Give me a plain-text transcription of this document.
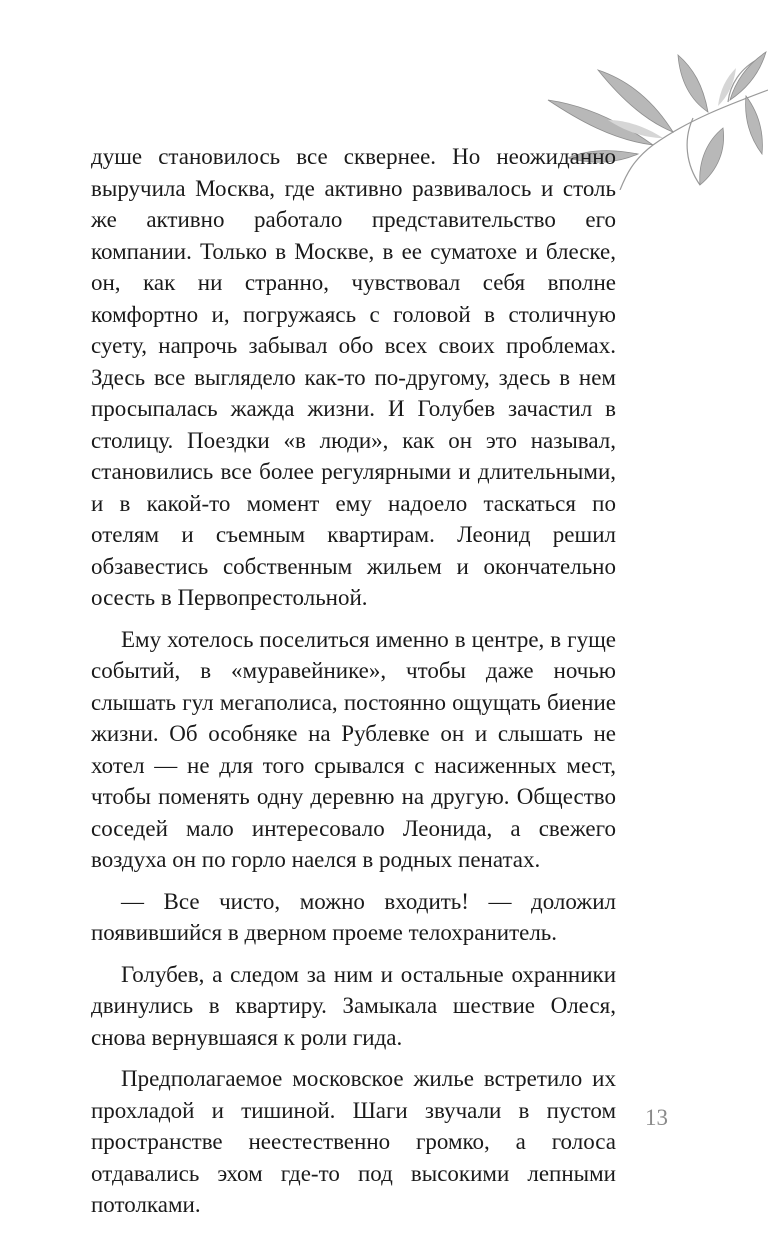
душе становилось все сквернее. Но неожиданно выручила Москва, где активно развивалось и столь же активно работало представительство его компании. Только в Москве, в ее суматохе и блеске, он, как ни странно, чувствовал себя вполне комфортно и, погружаясь с головой в столичную суету, напрочь забывал обо всех своих проблемах. Здесь все выглядело как-то по-другому, здесь в нем просыпалась жажда жизни. И Голубев зачастил в столицу. Поездки «в люди», как он это называл, становились все более регулярными и длительными, и в какой-то момент ему надоело таскаться по отелям и съемным квартирам. Леонид решил обзавестись собственным жильем и окончательно осесть в Первопрестольной.

Ему хотелось поселиться именно в центре, в гуще событий, в «муравейнике», чтобы даже ночью слышать гул мегаполиса, постоянно ощущать биение жизни. Об особняке на Рублевке он и слышать не хотел — не для того срывался с насиженных мест, чтобы поменять одну деревню на другую. Общество соседей мало интересовало Леонида, а свежего воздуха он по горло наелся в родных пенатах.

— Все чисто, можно входить! — доложил появившийся в дверном проеме телохранитель.

Голубев, а следом за ним и остальные охранники двинулись в квартиру. Замыкала шествие Олеся, снова вернувшаяся к роли гида.

Предполагаемое московское жилье встретило их прохладой и тишиной. Шаги звучали в пустом пространстве неестественно громко, а голоса отдавались эхом где-то под высокими лепными потолками.

13
